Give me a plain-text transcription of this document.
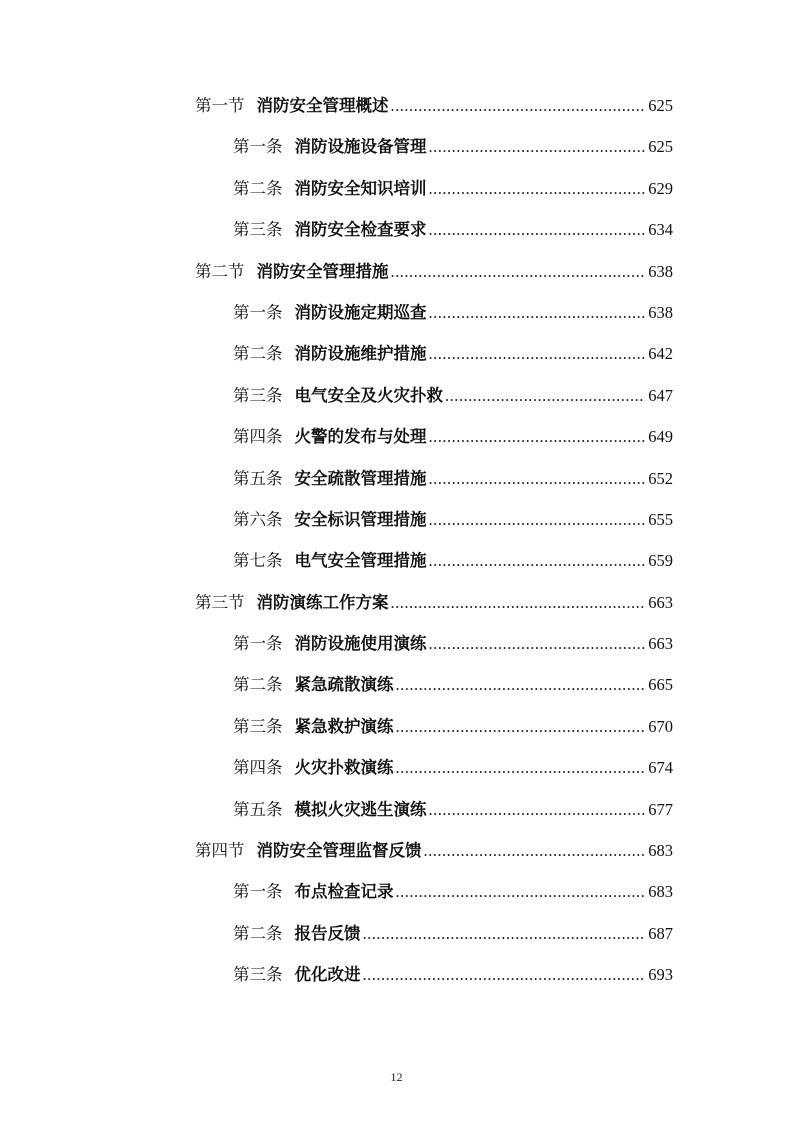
第一节 消防安全管理概述 .....	625
第一条 消防设施设备管理 .....	625
第二条 消防安全知识培训 .....	629
第三条 消防安全检查要求 .....	634
第二节 消防安全管理措施 .....	638
第一条 消防设施定期巡查 .....	638
第二条 消防设施维护措施 .....	642
第三条 电气安全及火灾扑救 .....	647
第四条 火警的发布与处理 .....	649
第五条 安全疏散管理措施 .....	652
第六条 安全标识管理措施 .....	655
第七条 电气安全管理措施 .....	659
第三节 消防演练工作方案 .....	663
第一条 消防设施使用演练 .....	663
第二条 紧急疏散演练 .....	665
第三条 紧急救护演练 .....	670
第四条 火灾扑救演练 .....	674
第五条 模拟火灾逃生演练 .....	677
第四节 消防安全管理监督反馈 .....	683
第一条 布点检查记录 .....	683
第二条 报告反馈 .....	687
第三条 优化改进 .....	693
12
